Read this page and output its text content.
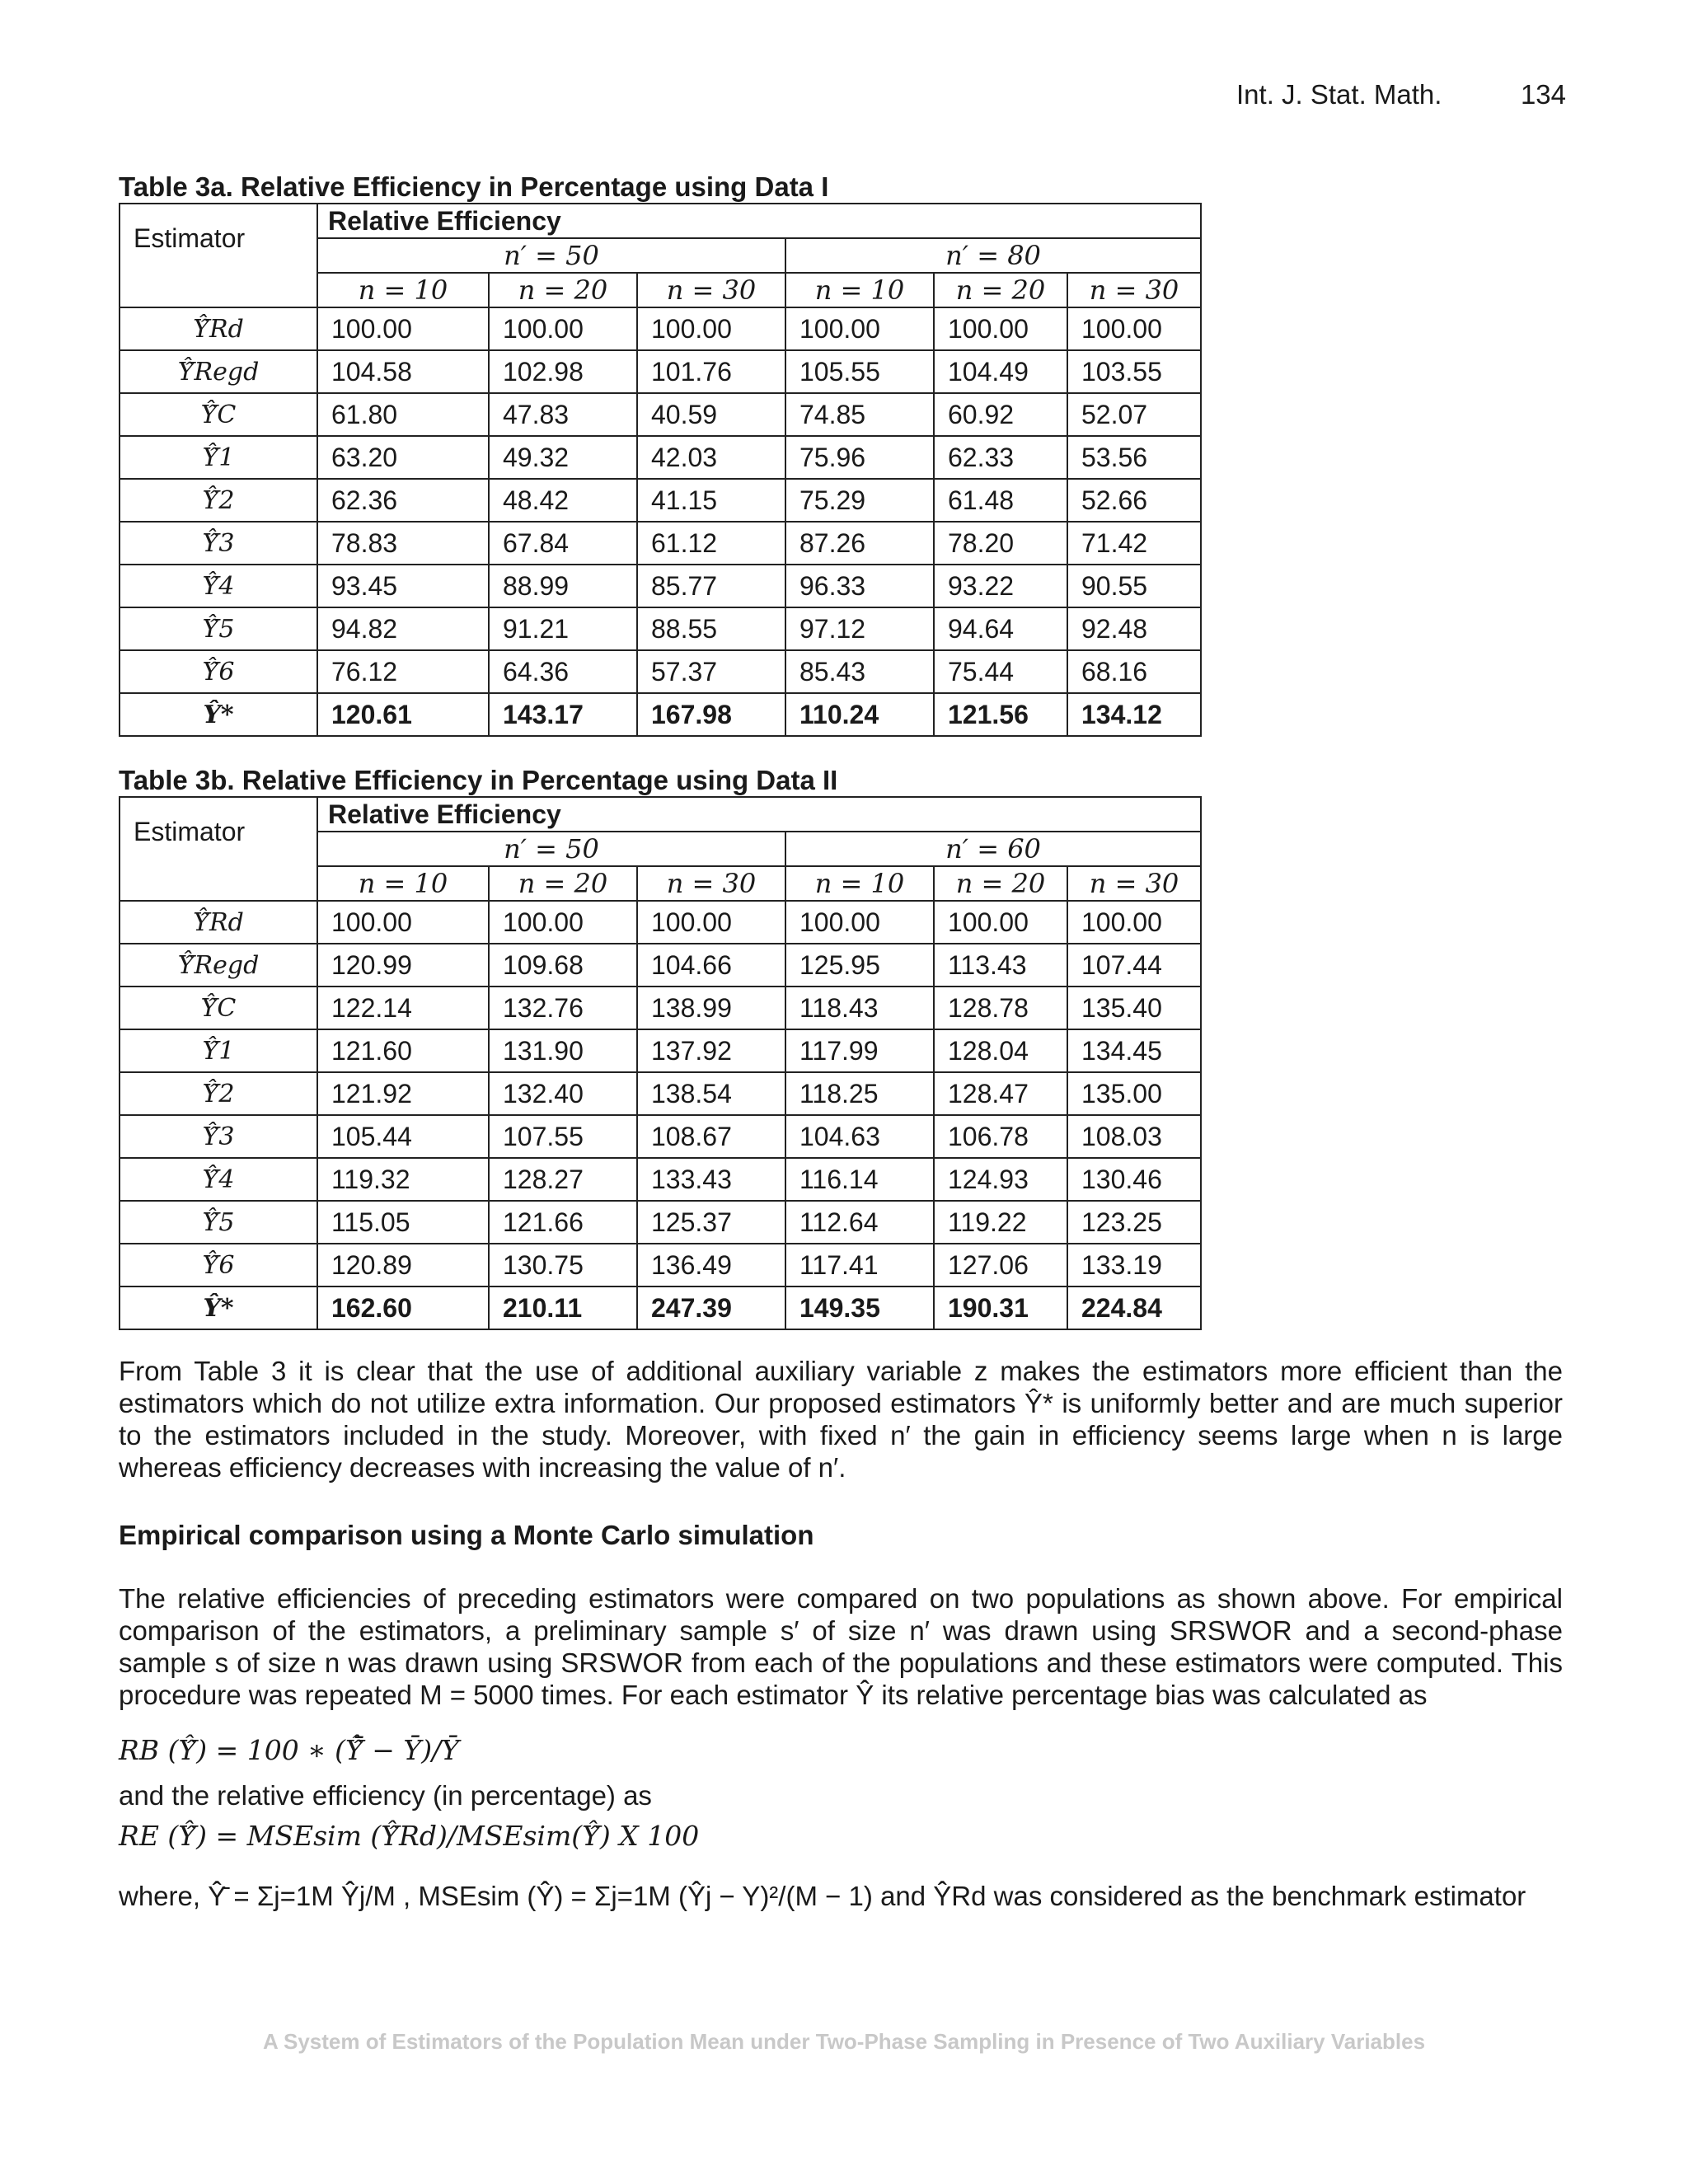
Int. J. Stat. Math.	134
Table 3a. Relative Efficiency in Percentage using Data I
Estimator	Relative Efficiency					
	n′ = 50			n′ = 80		
	n = 10	n = 20	n = 30	n = 10	n = 20	n = 30
Ŷ̂Rd	100.00	100.00	100.00	100.00	100.00	100.00
Ŷ̂Regd	104.58	102.98	101.76	105.55	104.49	103.55
Ŷ̂C	61.80	47.83	40.59	74.85	60.92	52.07
Ŷ̂1	63.20	49.32	42.03	75.96	62.33	53.56
Ŷ̂2	62.36	48.42	41.15	75.29	61.48	52.66
Ŷ̂3	78.83	67.84	61.12	87.26	78.20	71.42
Ŷ̂4	93.45	88.99	85.77	96.33	93.22	90.55
Ŷ̂5	94.82	91.21	88.55	97.12	94.64	92.48
Ŷ̂6	76.12	64.36	57.37	85.43	75.44	68.16
Ŷ*	120.61	143.17	167.98	110.24	121.56	134.12
Table 3b. Relative Efficiency in Percentage using Data II
Estimator	Relative Efficiency					
	n′ = 50			n′ = 60		
	n = 10	n = 20	n = 30	n = 10	n = 20	n = 30
Ŷ̂Rd	100.00	100.00	100.00	100.00	100.00	100.00
Ŷ̂Regd	120.99	109.68	104.66	125.95	113.43	107.44
Ŷ̂C	122.14	132.76	138.99	118.43	128.78	135.40
Ŷ̂1	121.60	131.90	137.92	117.99	128.04	134.45
Ŷ̂2	121.92	132.40	138.54	118.25	128.47	135.00
Ŷ̂3	105.44	107.55	108.67	104.63	106.78	108.03
Ŷ̂4	119.32	128.27	133.43	116.14	124.93	130.46
Ŷ̂5	115.05	121.66	125.37	112.64	119.22	123.25
Ŷ̂6	120.89	130.75	136.49	117.41	127.06	133.19
Ŷ*	162.60	210.11	247.39	149.35	190.31	224.84
From Table 3 it is clear that the use of additional auxiliary variable z makes the estimators more efficient than the estimators which do not utilize extra information. Our proposed estimators Ŷ* is uniformly better and are much superior to the estimators included in the study. Moreover, with fixed n′ the gain in efficiency seems large when n is large whereas efficiency decreases with increasing the value of n′.
Empirical comparison using a Monte Carlo simulation
The relative efficiencies of preceding estimators were compared on two populations as shown above. For empirical comparison of the estimators, a preliminary sample s′ of size n′ was drawn using SRSWOR and a second-phase sample s of size n was drawn using SRSWOR from each of the populations and these estimators were computed. This procedure was repeated M = 5000 times. For each estimator Ŷ̂ its relative percentage bias was calculated as
RB (Ŷ̂) = 100 ∗ (Ŷ̂̄ − Ȳ)/Ȳ
and the relative efficiency (in percentage) as
RE (Ŷ̂) = MSEsim (Ŷ̂Rd)/MSEsim(Ŷ̂) X 100
where, Ŷ̂̄ = Σj=1M Ŷ̂j/M , MSEsim (Ŷ̂) = Σj=1M (Ŷ̂j − Y)²/(M − 1) and Ŷ̂Rd was considered as the benchmark estimator
A System of Estimators of the Population Mean under Two-Phase Sampling in Presence of Two Auxiliary Variables
